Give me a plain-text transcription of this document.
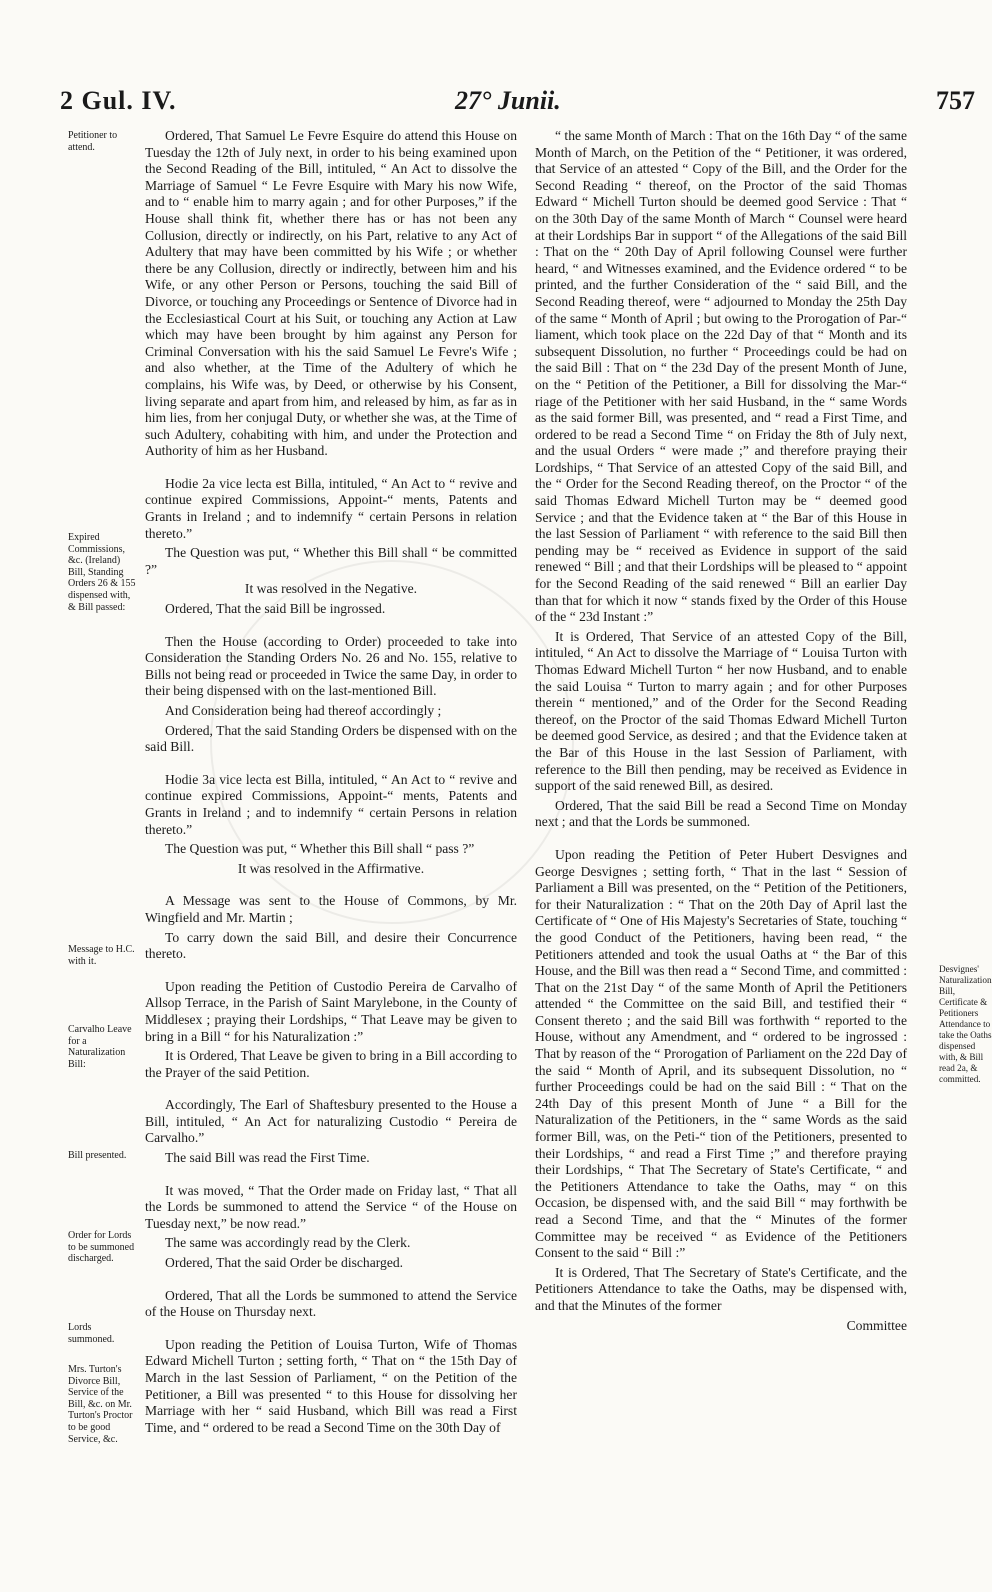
2 Gul. IV.	27° Junii.	757
Petitioner to attend.
Expired Commissions, &c. (Ireland) Bill, Standing Orders 26 & 155 dispensed with, & Bill passed:
Message to H.C. with it.
Carvalho Leave for a Naturalization Bill:
Bill presented.
Order for Lords to be summoned discharged.
Lords summoned.
Mrs. Turton's Divorce Bill, Service of the Bill, &c. on Mr. Turton's Proctor to be good Service, &c.
Desvignes' Naturalization Bill, Certificate & Petitioners Attendance to take the Oaths dispensed with, & Bill read 2a, & committed.

Ordered, That Samuel Le Fevre Esquire do attend this House on Tuesday the 12th of July next, in order to his being examined upon the Second Reading of the Bill, intituled, “ An Act to dissolve the Marriage of Samuel “ Le Fevre Esquire with Mary his now Wife, and to “ enable him to marry again ; and for other Purposes,” if the House shall think fit, whether there has or has not been any Collusion, directly or indirectly, on his Part, relative to any Act of Adultery that may have been committed by his Wife ; or whether there be any Collusion, directly or indirectly, between him and his Wife, or any other Person or Persons, touching the said Bill of Divorce, or touching any Proceedings or Sentence of Divorce had in the Ecclesiastical Court at his Suit, or touching any Action at Law which may have been brought by him against any Person for Criminal Conversation with his the said Samuel Le Fevre's Wife ; and also whether, at the Time of the Adultery of which he complains, his Wife was, by Deed, or otherwise by his Consent, living separate and apart from him, and released by him, as far as in him lies, from her conjugal Duty, or whether she was, at the Time of such Adultery, cohabiting with him, and under the Protection and Authority of him as her Husband.

Hodie 2a vice lecta est Billa, intituled, “ An Act to “ revive and continue expired Commissions, Appoint-“ ments, Patents and Grants in Ireland ; and to indemnify “ certain Persons in relation thereto.”

The Question was put, “ Whether this Bill shall “ be committed ?”

It was resolved in the Negative.

Ordered, That the said Bill be ingrossed.

Then the House (according to Order) proceeded to take into Consideration the Standing Orders No. 26 and No. 155, relative to Bills not being read or proceeded in Twice the same Day, in order to their being dispensed with on the last-mentioned Bill.

And Consideration being had thereof accordingly ;

Ordered, That the said Standing Orders be dispensed with on the said Bill.

Hodie 3a vice lecta est Billa, intituled, “ An Act to “ revive and continue expired Commissions, Appoint-“ ments, Patents and Grants in Ireland ; and to indemnify “ certain Persons in relation thereto.”

The Question was put, “ Whether this Bill shall “ pass ?”

It was resolved in the Affirmative.

A Message was sent to the House of Commons, by Mr. Wingfield and Mr. Martin ;

To carry down the said Bill, and desire their Concurrence thereto.

Upon reading the Petition of Custodio Pereira de Carvalho of Allsop Terrace, in the Parish of Saint Marylebone, in the County of Middlesex ; praying their Lordships, “ That Leave may be given to bring in a Bill “ for his Naturalization :”

It is Ordered, That Leave be given to bring in a Bill according to the Prayer of the said Petition.

Accordingly, The Earl of Shaftesbury presented to the House a Bill, intituled, “ An Act for naturalizing Custodio “ Pereira de Carvalho.”

The said Bill was read the First Time.

It was moved, “ That the Order made on Friday last, “ That all the Lords be summoned to attend the Service “ of the House on Tuesday next,” be now read.”

The same was accordingly read by the Clerk.

Ordered, That the said Order be discharged.

Ordered, That all the Lords be summoned to attend the Service of the House on Thursday next.

Upon reading the Petition of Louisa Turton, Wife of Thomas Edward Michell Turton ; setting forth, “ That on “ the 15th Day of March in the last Session of Parliament, “ on the Petition of the Petitioner, a Bill was presented “ to this House for dissolving her Marriage with her “ said Husband, which Bill was read a First Time, and “ ordered to be read a Second Time on the 30th Day of

“ the same Month of March : That on the 16th Day “ of the same Month of March, on the Petition of the “ Petitioner, it was ordered, that Service of an attested “ Copy of the Bill, and the Order for the Second Reading “ thereof, on the Proctor of the said Thomas Edward “ Michell Turton should be deemed good Service : That “ on the 30th Day of the same Month of March “ Counsel were heard at their Lordships Bar in support “ of the Allegations of the said Bill : That on the “ 20th Day of April following Counsel were further heard, “ and Witnesses examined, and the Evidence ordered “ to be printed, and the further Consideration of the “ said Bill, and the Second Reading thereof, were “ adjourned to Monday the 25th Day of the same “ Month of April ; but owing to the Prorogation of Par-“ liament, which took place on the 22d Day of that “ Month and its subsequent Dissolution, no further “ Proceedings could be had on the said Bill : That on “ the 23d Day of the present Month of June, on the “ Petition of the Petitioner, a Bill for dissolving the Mar-“ riage of the Petitioner with her said Husband, in the “ same Words as the said former Bill, was presented, and “ read a First Time, and ordered to be read a Second Time “ on Friday the 8th of July next, and the usual Orders “ were made ;” and therefore praying their Lordships, “ That Service of an attested Copy of the said Bill, and the “ Order for the Second Reading thereof, on the Proctor “ of the said Thomas Edward Michell Turton may be “ deemed good Service ; and that the Evidence taken at “ the Bar of this House in the last Session of Parliament “ with reference to the said Bill then pending may be “ received as Evidence in support of the said renewed “ Bill ; and that their Lordships will be pleased to “ appoint for the Second Reading of the said renewed “ Bill an earlier Day than that for which it now “ stands fixed by the Order of this House of the “ 23d Instant :”

It is Ordered, That Service of an attested Copy of the Bill, intituled, “ An Act to dissolve the Marriage of “ Louisa Turton with Thomas Edward Michell Turton “ her now Husband, and to enable the said Louisa “ Turton to marry again ; and for other Purposes therein “ mentioned,” and of the Order for the Second Reading thereof, on the Proctor of the said Thomas Edward Michell Turton be deemed good Service, as desired ; and that the Evidence taken at the Bar of this House in the last Session of Parliament, with reference to the Bill then pending, may be received as Evidence in support of the said renewed Bill, as desired.

Ordered, That the said Bill be read a Second Time on Monday next ; and that the Lords be summoned.

Upon reading the Petition of Peter Hubert Desvignes and George Desvignes ; setting forth, “ That in the last “ Session of Parliament a Bill was presented, on the “ Petition of the Petitioners, for their Naturalization : “ That on the 20th Day of April last the Certificate of “ One of His Majesty's Secretaries of State, touching “ the good Conduct of the Petitioners, having been read, “ the Petitioners attended and took the usual Oaths at “ the Bar of this House, and the Bill was then read a “ Second Time, and committed : That on the 21st Day “ of the same Month of April the Petitioners attended “ the Committee on the said Bill, and testified their “ Consent thereto ; and the said Bill was forthwith “ reported to the House, without any Amendment, and “ ordered to be ingrossed : That by reason of the “ Prorogation of Parliament on the 22d Day of the said “ Month of April, and its subsequent Dissolution, no “ further Proceedings could be had on the said Bill : “ That on the 24th Day of this present Month of June “ a Bill for the Naturalization of the Petitioners, in the “ same Words as the said former Bill, was, on the Peti-“ tion of the Petitioners, presented to their Lordships, “ and read a First Time ;” and therefore praying their Lordships, “ That The Secretary of State's Certificate, “ and the Petitioners Attendance to take the Oaths, may “ on this Occasion, be dispensed with, and the said Bill “ may forthwith be read a Second Time, and that the “ Minutes of the former Committee may be received “ as Evidence of the Petitioners Consent to the said “ Bill :”

It is Ordered, That The Secretary of State's Certificate, and the Petitioners Attendance to take the Oaths, may be dispensed with, and that the Minutes of the former

Committee
